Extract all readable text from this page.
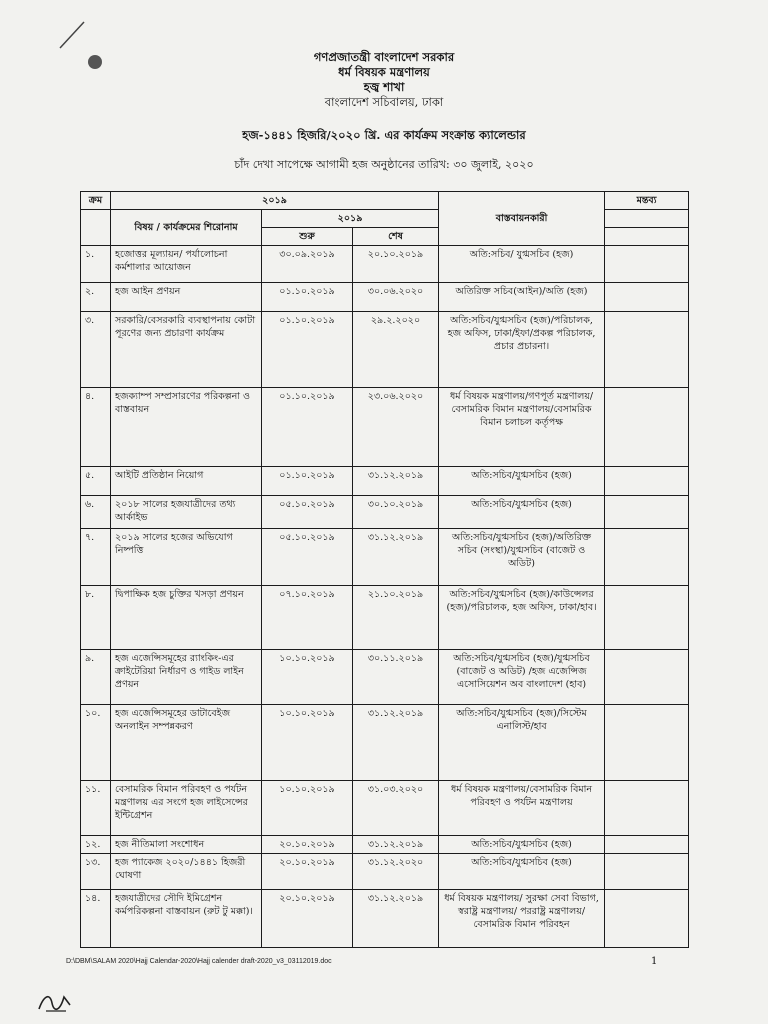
গণপ্রজাতন্ত্রী বাংলাদেশ সরকার
ধর্ম বিষয়ক মন্ত্রণালয়
হজ্ব শাখা
বাংলাদেশ সচিবালয়, ঢাকা
হজ-১৪৪১ হিজরি/২০২০ খ্রি. এর কার্যক্রম সংক্রান্ত ক্যালেন্ডার
চাঁদ দেখা সাপেক্ষে আগামী হজ অনুষ্ঠানের তারিখ: ৩০ জুলাই, ২০২০
ক্রম	২০১৯			বাস্তবায়নকারী	মন্তব্য
	বিষয় / কার্যক্রমের শিরোনাম	২০১৯			
		শুরু	শেষ		
১.	হজোত্তর মূল্যায়ন/ পর্যালোচনা কর্মশালার আয়োজন	৩০.০৯.২০১৯	২০.১০.২০১৯	অতি:সচিব/ যুগ্মসচিব (হজ)	
২.	হজ আইন প্রণয়ন	০১.১০.২০১৯	৩০.০৬.২০২০	অতিরিক্ত সচিব(আইন)/অতি (হজ)	
৩.	সরকারি/বেসরকারি ব্যবস্থাপনায় কোটা পূরণের জন্য প্রচারণা কার্যক্রম	০১.১০.২০১৯	২৯.২.২০২০	অতি:সচিব/যুগ্মসচিব (হজ)/পরিচালক, হজ অফিস, ঢাকা/ইফা/প্রকল্প পরিচালক, প্রচার প্রচারনা।	
৪.	হজক্যাম্প সম্প্রসারণের পরিকল্পনা ও বাস্তবায়ন	০১.১০.২০১৯	২৩.০৬.২০২০	ধর্ম বিষয়ক মন্ত্রণালয়/গণপূর্ত মন্ত্রণালয়/বেসামরিক বিমান মন্ত্রণালয়/বেসামরিক বিমান চলাচল কর্তৃপক্ষ	
৫.	আইটি প্রতিষ্ঠান নিয়োগ	০১.১০.২০১৯	৩১.১২.২০১৯	অতি:সচিব/যুগ্মসচিব (হজ)	
৬.	২০১৮ সালের হজযাত্রীদের তথ্য আর্কাইভ	০৫.১০.২০১৯	৩০.১০.২০১৯	অতি:সচিব/যুগ্মসচিব (হজ)	
৭.	২০১৯ সালের হজের অভিযোগ নিষ্পত্তি	০৫.১০.২০১৯	৩১.১২.২০১৯	অতি:সচিব/যুগ্মসচিব (হজ)/অতিরিক্ত সচিব (সংস্থা)/যুগ্মসচিব (বাজেট ও অডিট)	
৮.	দ্বিপাক্ষিক হজ চুক্তির খসড়া প্রণয়ন	০৭.১০.২০১৯	২১.১০.২০১৯	অতি:সচিব/যুগ্মসচিব (হজ)/কাউন্সেলর (হজ)/পরিচালক, হজ অফিস, ঢাকা/হাব।	
৯.	হজ এজেন্সিসমূহের র‍্যাংকিং-এর ক্রাইটেরিয়া নির্ধারণ ও গাইড লাইন প্রণয়ন	১০.১০.২০১৯	৩০.১১.২০১৯	অতি:সচিব/যুগ্মসচিব (হজ)/যুগ্মসচিব (বাজেট ও অডিট) /হজ এজেন্সিজ এসোসিয়েশন অব বাংলাদেশ (হাব)	
১০.	হজ এজেন্সিসমূহের ডাটাবেইজ অনলাইন সম্পন্নকরণ	১০.১০.২০১৯	৩১.১২.২০১৯	অতি:সচিব/যুগ্মসচিব (হজ)/সিস্টেম এনালিস্ট/হাব	
১১.	বেসামরিক বিমান পরিবহণ ও পর্যটন মন্ত্রণালয় এর সংগে হজ লাইসেন্সের ইন্টিগ্রেশন	১০.১০.২০১৯	৩১.০৩.২০২০	ধর্ম বিষয়ক মন্ত্রণালয়/বেসামরিক বিমান পরিবহণ ও পর্যটন মন্ত্রণালয়	
১২.	হজ নীতিমালা সংশোধন	২০.১০.২০১৯	৩১.১২.২০১৯	অতি:সচিব/যুগ্মসচিব (হজ)	
১৩.	হজ প্যাকেজ ২০২০/১৪৪১ হিজরী ঘোষণা	২০.১০.২০১৯	৩১.১২.২০২০	অতি:সচিব/যুগ্মসচিব (হজ)	
১৪.	হজযাত্রীদের সৌদি ইমিগ্রেশন কর্মপরিকল্পনা বাস্তবায়ন (রুট টু মক্কা)।	২০.১০.২০১৯	৩১.১২.২০১৯	ধর্ম বিষয়ক মন্ত্রণালয়/ সুরক্ষা সেবা বিভাগ, স্বরাষ্ট্র মন্ত্রণালয়/ পররাষ্ট্র মন্ত্রণালয়/ বেসামরিক বিমান পরিবহন	
D:\DBM\SALAM 2020\Hajj Calendar-2020\Hajj calender draft-2020_v3_03112019.doc	1
